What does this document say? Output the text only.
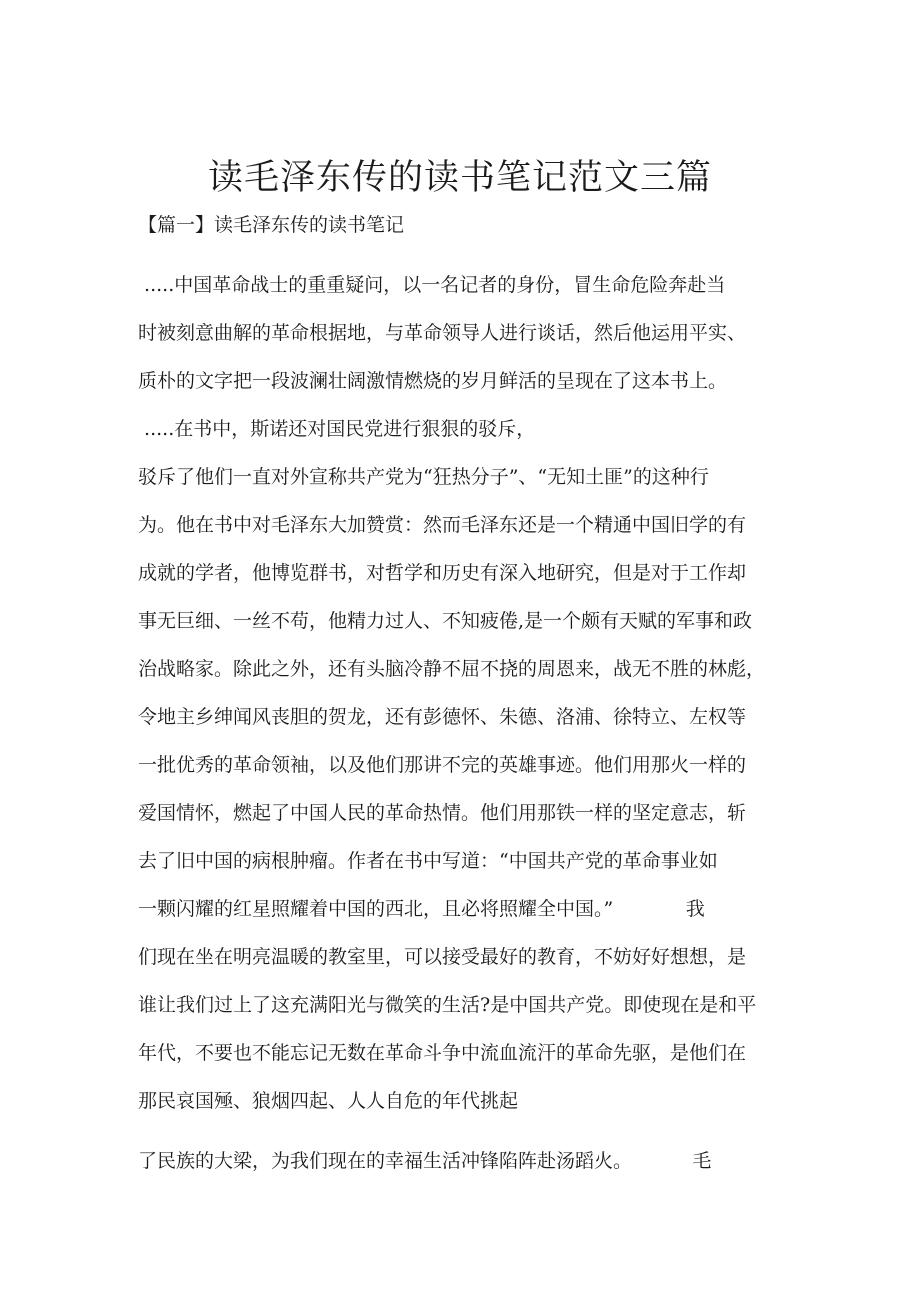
读毛泽东传的读书笔记范文三篇
【篇一】读毛泽东传的读书笔记

.....中国革命战士的重重疑问，以一名记者的身份，冒生命危险奔赴当

时被刻意曲解的革命根据地，与革命领导人进行谈话，然后他运用平实、

质朴的文字把一段波澜壮阔激情燃烧的岁月鲜活的呈现在了这本书上。

.....在书中，斯诺还对国民党进行狠狠的驳斥，

驳斥了他们一直对外宣称共产党为“狂热分子”、“无知土匪”的这种行

为。他在书中对毛泽东大加赞赏：然而毛泽东还是一个精通中国旧学的有

成就的学者，他博览群书，对哲学和历史有深入地研究，但是对于工作却

事无巨细、一丝不苟，他精力过人、不知疲倦,是一个颇有天赋的军事和政

治战略家。除此之外，还有头脑冷静不屈不挠的周恩来，战无不胜的林彪，

令地主乡绅闻风丧胆的贺龙，还有彭德怀、朱德、洛浦、徐特立、左权等

一批优秀的革命领袖，以及他们那讲不完的英雄事迹。他们用那火一样的

爱国情怀，燃起了中国人民的革命热情。他们用那铁一样的坚定意志，斩

去了旧中国的病根肿瘤。作者在书中写道：“中国共产党的革命事业如

一颗闪耀的红星照耀着中国的西北，且必将照耀全中国。”            我

们现在坐在明亮温暖的教室里，可以接受最好的教育，不妨好好想想，是

谁让我们过上了这充满阳光与微笑的生活?是中国共产党。即使现在是和平

年代，不要也不能忘记无数在革命斗争中流血流汗的革命先驱，是他们在

那民哀国殛、狼烟四起、人人自危的年代挑起

了民族的大梁，为我们现在的幸福生活冲锋陷阵赴汤蹈火。          毛
